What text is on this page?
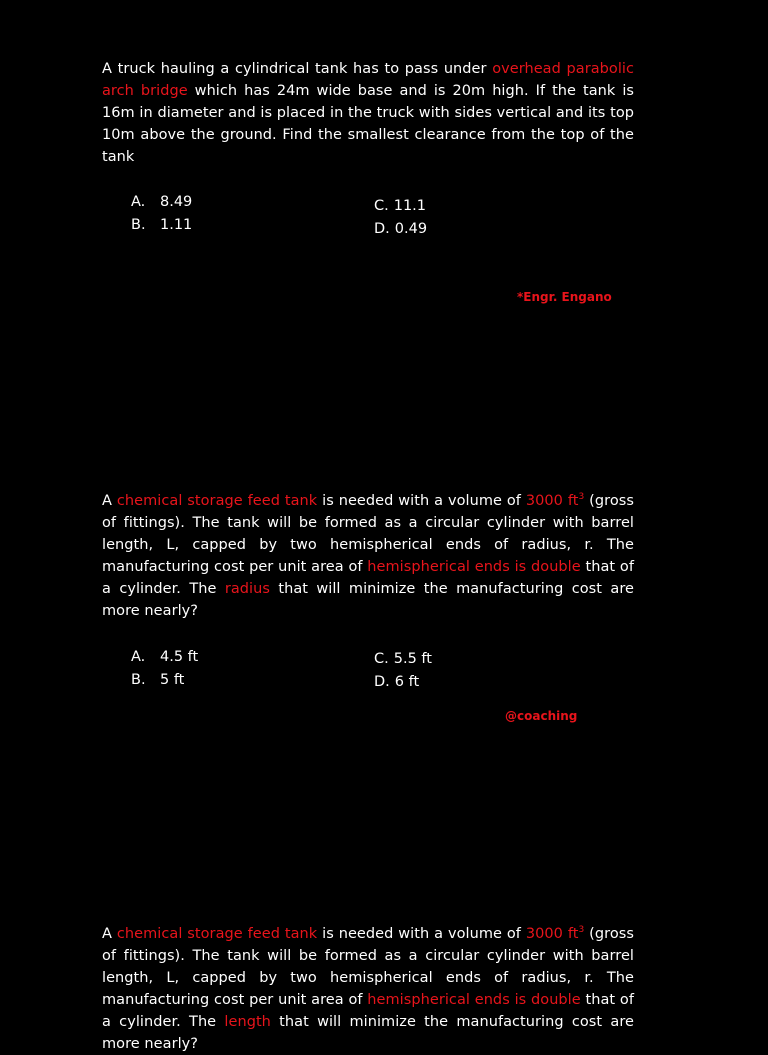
A truck hauling a cylindrical tank has to pass under overhead parabolic arch bridge which has 24m wide base and is 20m high. If the tank is 16m in diameter and is placed in the truck with sides vertical and its top 10m above the ground. Find the smallest clearance from the top of the tank

A.	8.49
B. 1.11
C. 11.1
D. 0.49
*Engr. Engano

A chemical storage feed tank is needed with a volume of 3000 $ft^3$ (gross of fittings). The tank will be formed as a circular cylinder with barrel length, L, capped by two hemispherical ends of radius, r. The manufacturing cost per unit area of hemispherical ends is double that of a cylinder. The radius that will minimize the manufacturing cost are more nearly?

A.	4.5 ft
B. 5 ft
C. 5.5 ft
D. 6 ft
@coaching

A chemical storage feed tank is needed with a volume of 3000 $ft^3$ (gross of fittings). The tank will be formed as a circular cylinder with barrel length, L, capped by two hemispherical ends of radius, r. The manufacturing cost per unit area of hemispherical ends is double that of a cylinder. The length that will minimize the manufacturing cost are more nearly?
